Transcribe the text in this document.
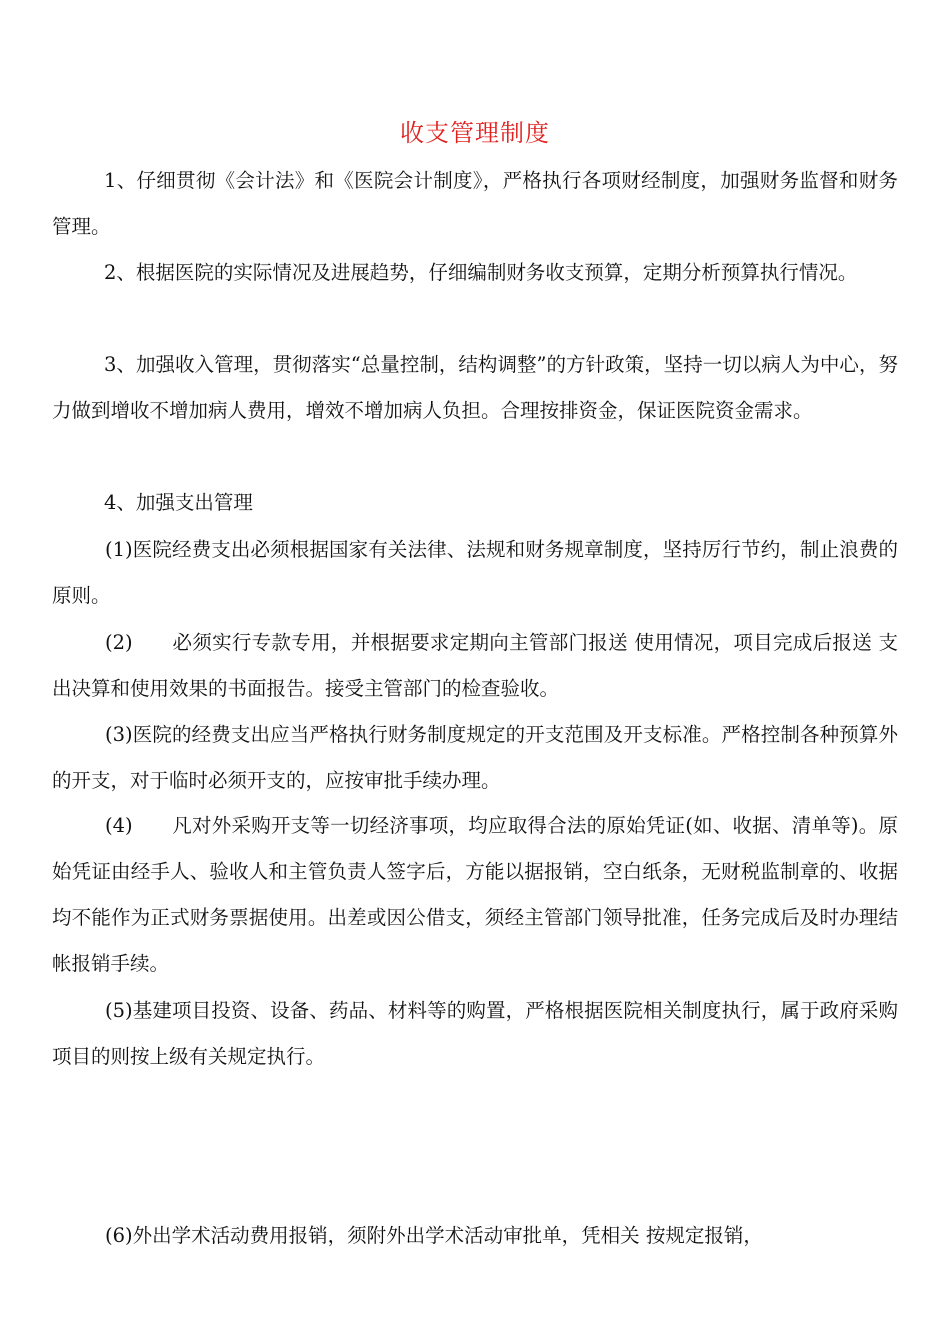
收支管理制度

1、仔细贯彻《会计法》和《医院会计制度》，严格执行各项财经制度，加强财务监督和财务管理。

2、根据医院的实际情况及进展趋势，仔细编制财务收支预算，定期分析预算执行情况。

3、加强收入管理，贯彻落实“总量控制，结构调整”的方针政策，坚持一切以病人为中心，努力做到增收不增加病人费用，增效不增加病人负担。合理按排资金，保证医院资金需求。

4、加强支出管理

(1)医院经费支出必须根据国家有关法律、法规和财务规章制度，坚持厉行节约，制止浪费的原则。

(2)　　必须实行专款专用，并根据要求定期向主管部门报送 使用情况，项目完成后报送 支出决算和使用效果的书面报告。接受主管部门的检查验收。

(3)医院的经费支出应当严格执行财务制度规定的开支范围及开支标准。严格控制各种预算外的开支，对于临时必须开支的，应按审批手续办理。

(4)　　凡对外采购开支等一切经济事项，均应取得合法的原始凭证(如、收据、清单等)。原始凭证由经手人、验收人和主管负责人签字后，方能以据报销，空白纸条，无财税监制章的、收据均不能作为正式财务票据使用。出差或因公借支，须经主管部门领导批准，任务完成后及时办理结帐报销手续。

(5)基建项目投资、设备、药品、材料等的购置，严格根据医院相关制度执行，属于政府采购项目的则按上级有关规定执行。

(6)外出学术活动费用报销，须附外出学术活动审批单，凭相关 按规定报销，
